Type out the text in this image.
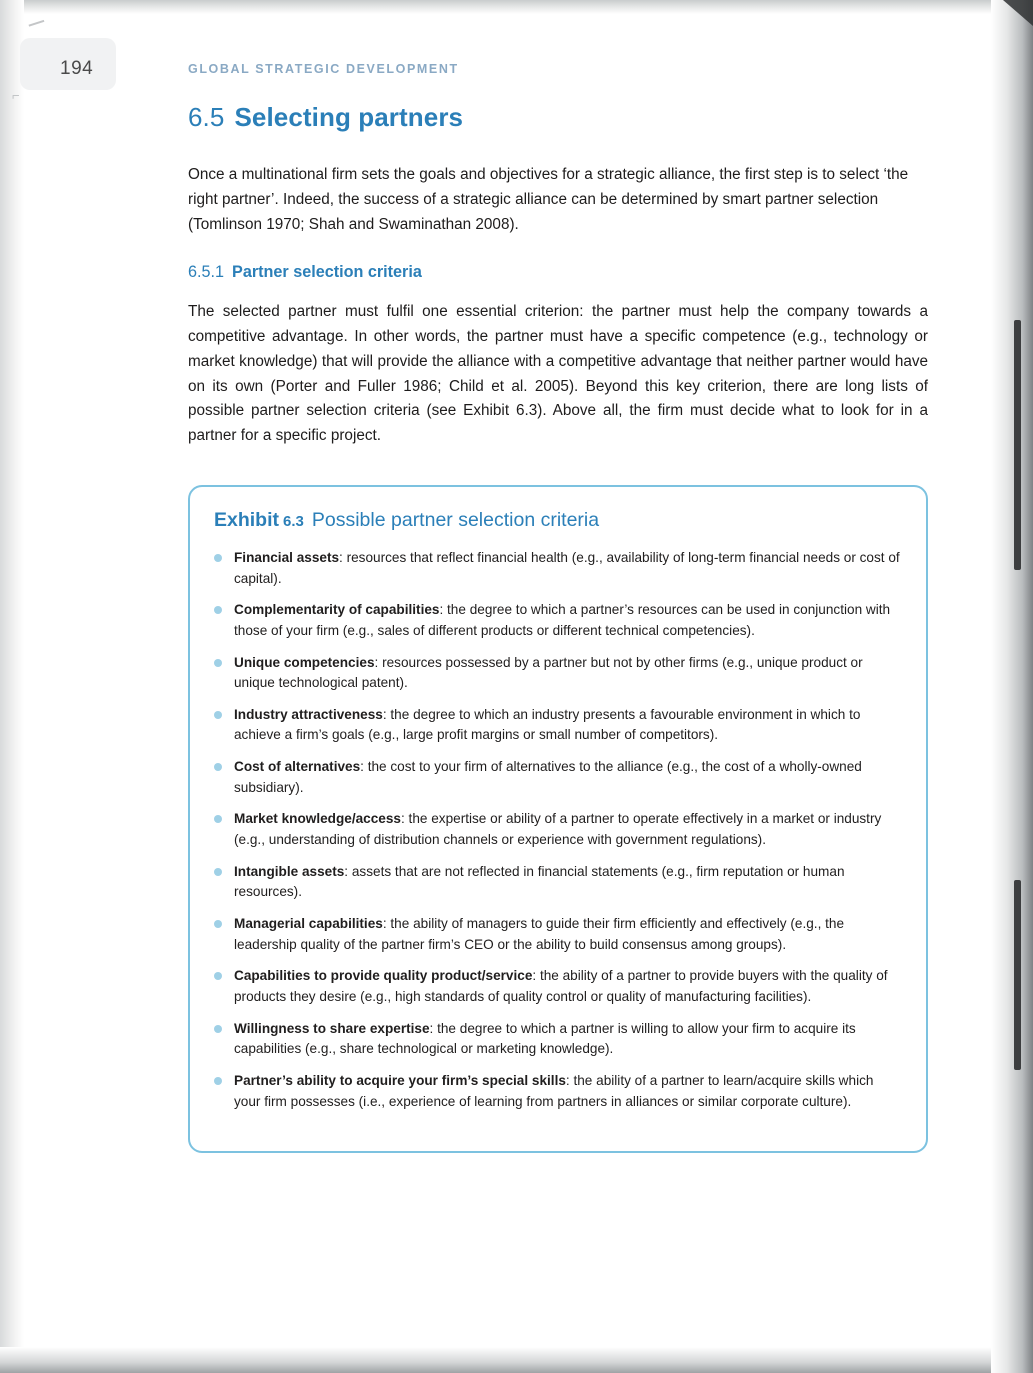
⌐
194	GLOBAL STRATEGIC DEVELOPMENT
6.5 Selecting partners

Once a multinational firm sets the goals and objectives for a strategic alliance, the first step is to select ‘the right partner’. Indeed, the success of a strategic alliance can be determined by smart partner selection (Tomlinson 1970; Shah and Swaminathan 2008).

6.5.1 Partner selection criteria

The selected partner must fulfil one essential criterion: the partner must help the company towards a competitive advantage. In other words, the partner must have a specific competence (e.g., technology or market knowledge) that will provide the alliance with a competitive advantage that neither partner would have on its own (Porter and Fuller 1986; Child et al. 2005). Beyond this key criterion, there are long lists of possible partner selection criteria (see Exhibit 6.3). Above all, the firm must decide what to look for in a partner for a specific project.

Exhibit 6.3 Possible partner selection criteria
Financial assets: resources that reflect financial health (e.g., availability of long-term financial needs or cost of capital).
Complementarity of capabilities: the degree to which a partner’s resources can be used in conjunction with those of your firm (e.g., sales of different products or different technical competencies).
Unique competencies: resources possessed by a partner but not by other firms (e.g., unique product or unique technological patent).
Industry attractiveness: the degree to which an industry presents a favourable environment in which to achieve a firm’s goals (e.g., large profit margins or small number of competitors).
Cost of alternatives: the cost to your firm of alternatives to the alliance (e.g., the cost of a wholly-owned subsidiary).
Market knowledge/access: the expertise or ability of a partner to operate effectively in a market or industry (e.g., understanding of distribution channels or experience with government regulations).
Intangible assets: assets that are not reflected in financial statements (e.g., firm reputation or human resources).
Managerial capabilities: the ability of managers to guide their firm efficiently and effectively (e.g., the leadership quality of the partner firm’s CEO or the ability to build consensus among groups).
Capabilities to provide quality product/service: the ability of a partner to provide buyers with the quality of products they desire (e.g., high standards of quality control or quality of manufacturing facilities).
Willingness to share expertise: the degree to which a partner is willing to allow your firm to acquire its capabilities (e.g., share technological or marketing knowledge).
Partner’s ability to acquire your firm’s special skills: the ability of a partner to learn/acquire skills which your firm possesses (i.e., experience of learning from partners in alliances or similar corporate culture).
